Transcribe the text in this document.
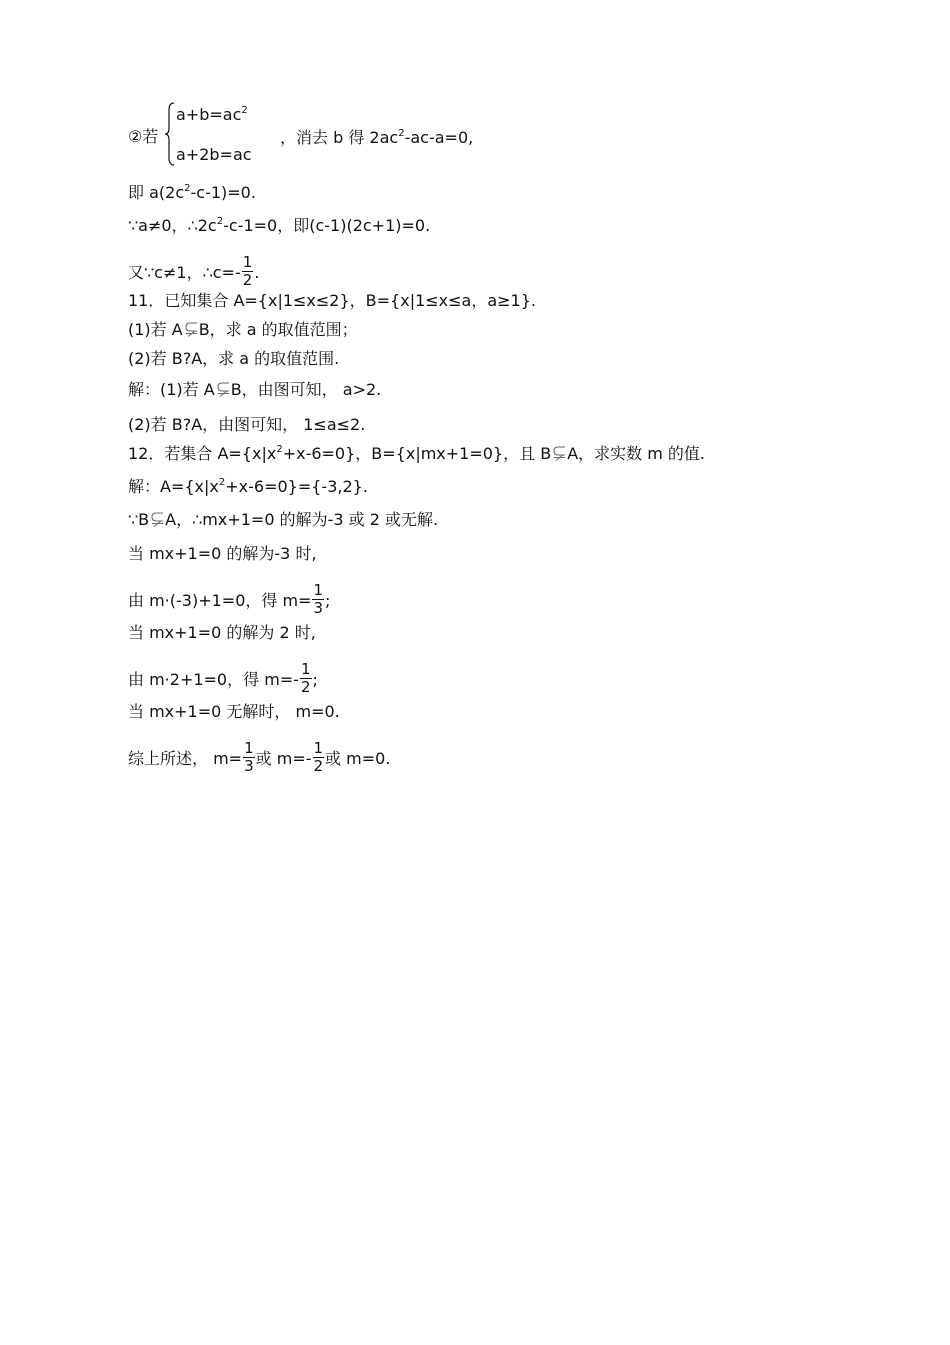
②若
$a+b=ac^2$
a+2b=ac
，消去 b 得 $2ac^2-ac-a=0$,
即 $a(2c^2-c-1)=0$.
∵a≠0，$\therefore 2c^2-c-1=0$，即(c-1)(2c+1)=0.
又∵c≠1，∴c=- $\frac{1}{2}$ .
11．已知集合 A={x|1≤x≤2}，B={x|1≤x≤a，a≥1}.
(1)若 A B，求 a 的取值范围；
(2)若 B?A，求 a 的取值范围.
解：(1)若 A B，由图可知， a>2.
(2)若 B?A，由图可知， 1≤a≤2.
12．若集合 $A=\{x|x^2+x-6=0\}$，B={x|mx+1=0}，且 B A，求实数 m 的值.
解：$A=\{x|x^2+x-6=0\}=\{-3,2\}$.
∵B A，∴mx+1=0 的解为-3 或 2 或无解.
当 mx+1=0 的解为-3 时,
由 m·(-3)+1=0，得 $m= \frac{1}{3}$ ;
当 mx+1=0 的解为 2 时,
由 m·2+1=0，得 $m=- \frac{1}{2}$ ;
当 mx+1=0 无解时， m=0.
综上所述， $m= \frac{1}{3}$ 或 $m=- \frac{1}{2}$ 或 m=0.
